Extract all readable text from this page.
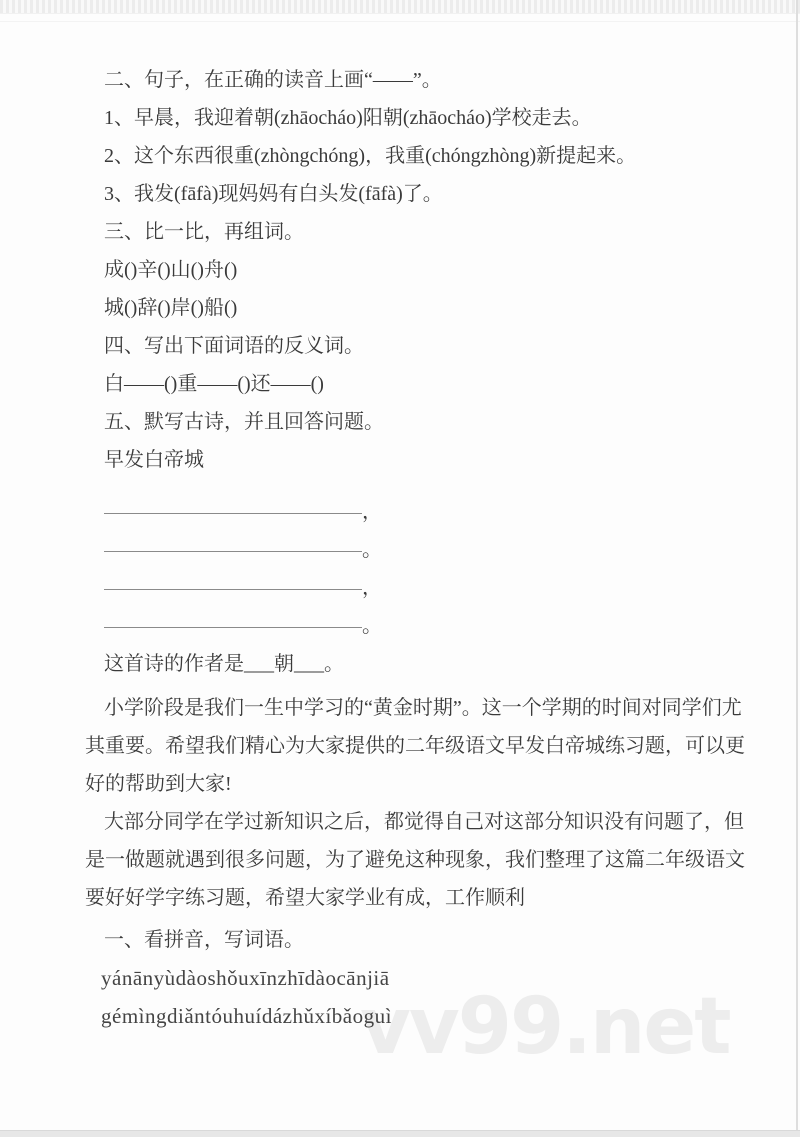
vv99.net
二、句子，在正确的读音上画“——”。
1、早晨，我迎着朝(zhāocháo)阳朝(zhāocháo)学校走去。
2、这个东西很重(zhòngchóng)，我重(chóngzhòng)新提起来。
3、我发(fāfà)现妈妈有白头发(fāfà)了。
三、比一比，再组词。
成()辛()山()舟()
城()辞()岸()船()
四、写出下面词语的反义词。
白——()重——()还——()
五、默写古诗，并且回答问题。
早发白帝城
，
。
，
。
这首诗的作者是___朝___。
小学阶段是我们一生中学习的“黄金时期”。这一个学期的时间对同学们尤
其重要。希望我们精心为大家提供的二年级语文早发白帝城练习题，可以更
好的帮助到大家!
大部分同学在学过新知识之后，都觉得自己对这部分知识没有问题了，但
是一做题就遇到很多问题，为了避免这种现象，我们整理了这篇二年级语文
要好好学字练习题，希望大家学业有成，工作顺利
一、看拼音，写词语。
yánānyùdàoshǒuxīnzhīdàocānjiā
gémìngdiǎntóuhuídázhǔxíbǎoguì
